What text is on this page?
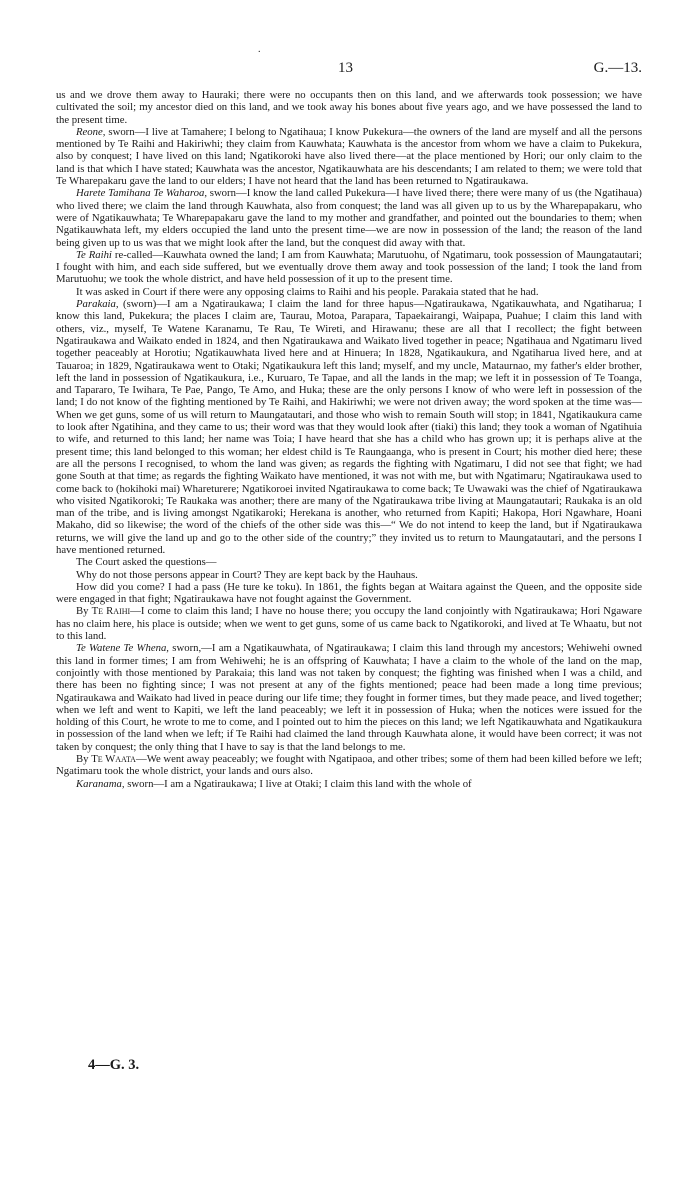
.
13	G.—13.

us and we drove them away to Hauraki; there were no occupants then on this land, and we afterwards took possession; we have cultivated the soil; my ancestor died on this land, and we took away his bones about five years ago, and we have possessed the land to the present time.

Reone, sworn—I live at Tamahere; I belong to Ngatihaua; I know Pukekura—the owners of the land are myself and all the persons mentioned by Te Raihi and Hakiriwhi; they claim from Kauwhata; Kauwhata is the ancestor from whom we have a claim to Pukekura, also by conquest; I have lived on this land; Ngatikoroki have also lived there—at the place mentioned by Hori; our only claim to the land is that which I have stated; Kauwhata was the ancestor, Ngatikauwhata are his descendants; I am related to them; we were told that Te Wharepakaru gave the land to our elders; I have not heard that the land has been returned to Ngatiraukawa.

Harete Tamihana Te Waharoa, sworn—I know the land called Pukekura—I have lived there; there were many of us (the Ngatihaua) who lived there; we claim the land through Kauwhata, also from conquest; the land was all given up to us by the Wharepapakaru, who were of Ngatikauwhata; Te Wharepapakaru gave the land to my mother and grandfather, and pointed out the boundaries to them; when Ngatikauwhata left, my elders occupied the land unto the present time—we are now in possession of the land; the reason of the land being given up to us was that we might look after the land, but the conquest did away with that.

Te Raihi re-called—Kauwhata owned the land; I am from Kauwhata; Marutuohu, of Ngatimaru, took possession of Maungatautari; I fought with him, and each side suffered, but we eventually drove them away and took possession of the land; I took the land from Marutuohu; we took the whole district, and have held possession of it up to the present time.

It was asked in Court if there were any opposing claims to Raihi and his people. Parakaia stated that he had.

Parakaia, (sworn)—I am a Ngatiraukawa; I claim the land for three hapus—Ngatiraukawa, Ngatikauwhata, and Ngatiharua; I know this land, Pukekura; the places I claim are, Taurau, Motoa, Parapara, Tapaekairangi, Waipapa, Puahue; I claim this land with others, viz., myself, Te Watene Karanamu, Te Rau, Te Wireti, and Hirawanu; these are all that I recollect; the fight between Ngatiraukawa and Waikato ended in 1824, and then Ngatiraukawa and Waikato lived together in peace; Ngatihaua and Ngatimaru lived together peaceably at Horotiu; Ngatikauwhata lived here and at Hinuera; In 1828, Ngatikaukura, and Ngatiharua lived here, and at Tauaroa; in 1829, Ngatiraukawa went to Otaki; Ngatikaukura left this land; myself, and my uncle, Mataurnao, my father's elder brother, left the land in possession of Ngatikaukura, i.e., Kuruaro, Te Tapae, and all the lands in the map; we left it in possession of Te Toanga, and Tapararo, Te Iwihara, Te Pae, Pango, Te Amo, and Huka; these are the only persons I know of who were left in possession of the land; I do not know of the fighting mentioned by Te Raihi, and Hakiriwhi; we were not driven away; the word spoken at the time was—When we get guns, some of us will return to Maungatautari, and those who wish to remain South will stop; in 1841, Ngatikaukura came to look after Ngatihina, and they came to us; their word was that they would look after (tiaki) this land; they took a woman of Ngatihuia to wife, and returned to this land; her name was Toia; I have heard that she has a child who has grown up; it is perhaps alive at the present time; this land belonged to this woman; her eldest child is Te Raungaanga, who is present in Court; his mother died here; these are all the persons I recognised, to whom the land was given; as regards the fighting with Ngatimaru, I did not see that fight; we had gone South at that time; as regards the fighting Waikato have mentioned, it was not with me, but with Ngatimaru; Ngatiraukawa used to come back to (hokihoki mai) Whareturere; Ngatikoroei invited Ngatiraukawa to come back; Te Uwawaki was the chief of Ngatiraukawa who visited Ngatikoroki; Te Raukaka was another; there are many of the Ngatiraukawa tribe living at Maungatautari; Raukaka is an old man of the tribe, and is living amongst Ngatikaroki; Herekana is another, who returned from Kapiti; Hakopa, Hori Ngawhare, Hoani Makaho, did so likewise; the word of the chiefs of the other side was this—“ We do not intend to keep the land, but if Ngatiraukawa returns, we will give the land up and go to the other side of the country;” they invited us to return to Maungatautari, and the persons I have mentioned returned.

The Court asked the questions—

Why do not those persons appear in Court? They are kept back by the Hauhaus.

How did you come? I had a pass (He ture ke toku). In 1861, the fights began at Waitara against the Queen, and the opposite side were engaged in that fight; Ngatiraukawa have not fought against the Government.

By Te Raihi—I come to claim this land; I have no house there; you occupy the land conjointly with Ngatiraukawa; Hori Ngaware has no claim here, his place is outside; when we went to get guns, some of us came back to Ngatikoroki, and lived at Te Whaatu, but not to this land.

Te Watene Te Whena, sworn,—I am a Ngatikauwhata, of Ngatiraukawa; I claim this land through my ancestors; Wehiwehi owned this land in former times; I am from Wehiwehi; he is an offspring of Kauwhata; I have a claim to the whole of the land on the map, conjointly with those mentioned by Parakaia; this land was not taken by conquest; the fighting was finished when I was a child, and there has been no fighting since; I was not present at any of the fights mentioned; peace had been made a long time previous; Ngatiraukawa and Waikato had lived in peace during our life time; they fought in former times, but they made peace, and lived together; when we left and went to Kapiti, we left the land peaceably; we left it in possession of Huka; when the notices were issued for the holding of this Court, he wrote to me to come, and I pointed out to him the pieces on this land; we left Ngatikauwhata and Ngatikaukura in possession of the land when we left; if Te Raihi had claimed the land through Kauwhata alone, it would have been correct; it was not taken by conquest; the only thing that I have to say is that the land belongs to me.

By Te Waata—We went away peaceably; we fought with Ngatipaoa, and other tribes; some of them had been killed before we left; Ngatimaru took the whole district, your lands and ours also.

Karanama, sworn—I am a Ngatiraukawa; I live at Otaki; I claim this land with the whole of

4—G. 3.
